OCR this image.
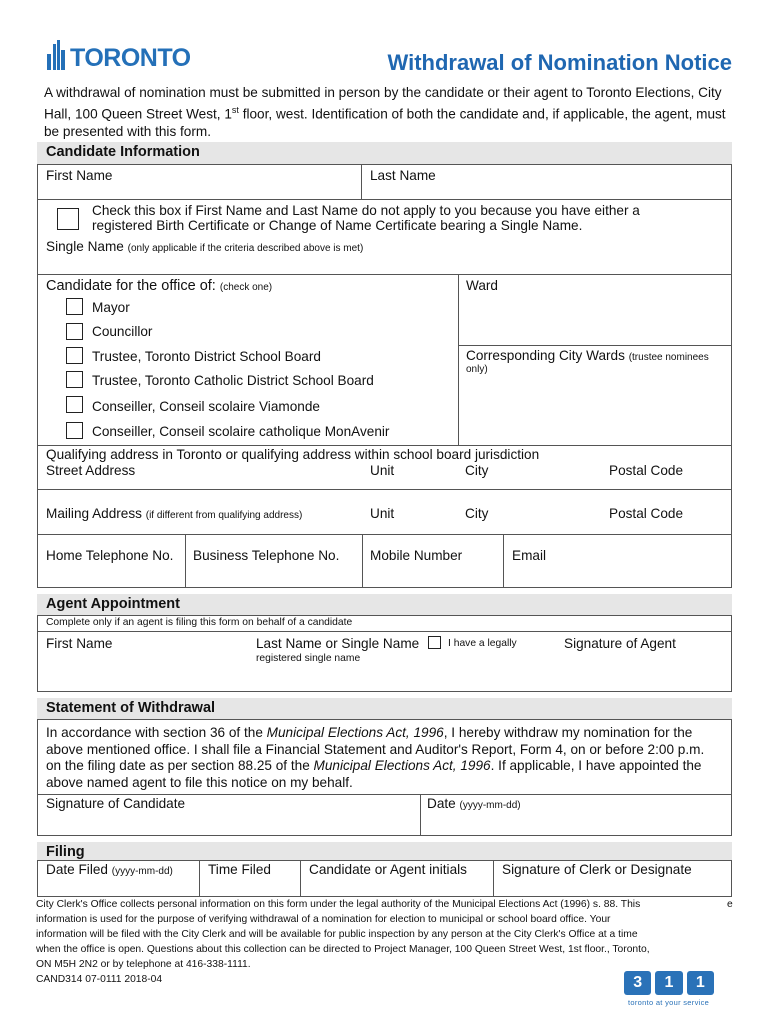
TORONTO	Withdrawal of Nomination Notice
A withdrawal of nomination must be submitted in person by the candidate or their agent to Toronto Elections, City Hall, 100 Queen Street West, 1st floor, west. Identification of both the candidate and, if applicable, the agent, must be presented with this form.
Candidate Information
First Name	Last Name
Check this box if First Name and Last Name do not apply to you because you have either a
registered Birth Certificate or Change of Name Certificate bearing a Single Name.
Single Name (only applicable if the criteria described above is met)
Candidate for the office of: (check one)
Mayor
Councillor
Trustee, Toronto District School Board
Trustee, Toronto Catholic District School Board
Conseiller, Conseil scolaire Viamonde
Conseiller, Conseil scolaire catholique MonAvenir
Ward
Corresponding City Wards (trustee nominees
only)
Qualifying address in Toronto or qualifying address within school board jurisdiction
Street Address	Unit	City	Postal Code
Mailing Address (if different from qualifying address)	Unit	City	Postal Code
Home Telephone No. Business Telephone No. Mobile Number	Email
Agent Appointment
Complete only if an agent is filing this form on behalf of a candidate
First Name	Last Name or Single Name	I have a legally
registered single name
Signature of Agent
Statement of Withdrawal
In accordance with section 36 of the Municipal Elections Act, 1996, I hereby withdraw my nomination for the
above mentioned office. I shall file a Financial Statement and Auditor's Report, Form 4, on or before 2:00 p.m.
on the filing date as per section 88.25 of the Municipal Elections Act, 1996. If applicable, I have appointed the
above named agent to file this notice on my behalf.
Signature of Candidate	Date (yyyy-mm-dd)
Filing
Date Filed (yyyy-mm-dd)	Time Filed	Candidate or Agent initials	Signature of Clerk or Designate
City Clerk's Office collects personal information on this form under the legal authority of the Municipal Elections Act (1996) s. 88. This
information is used for the purpose of verifying withdrawal of a nomination for election to municipal or school board office. Your
information will be filed with the City Clerk and will be available for public inspection by any person at the City Clerk's Office at a time
when the office is open. Questions about this collection can be directed to Project Manager, 100 Queen Street West, 1st floor., Toronto,
ON M5H 2N2 or by telephone at 416-338-1111.
CAND314 07-0111 2018-04
e
3	1	1
toronto at your service
